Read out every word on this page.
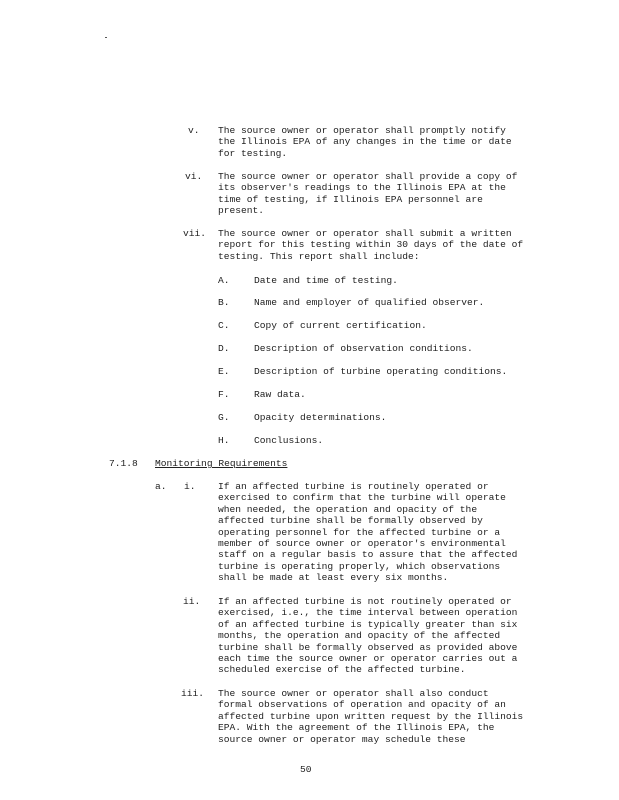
v. The source owner or operator shall promptly notify
the Illinois EPA of any changes in the time or date
for testing.
vi. The source owner or operator shall provide a copy of
its observer's readings to the Illinois EPA at the
time of testing, if Illinois EPA personnel are
present.
vii. The source owner or operator shall submit a written
report for this testing within 30 days of the date of
testing. This report shall include:
A.	Date and time of testing.
B.	Name and employer of qualified observer.
C.	Copy of current certification.
D.	Description of observation conditions.
E.	Description of turbine operating conditions.
F.	Raw data.
G.	Opacity determinations.
H.	Conclusions.
7.1.8 Monitoring Requirements
a. i. If an affected turbine is routinely operated or
exercised to confirm that the turbine will operate
when needed, the operation and opacity of the
affected turbine shall be formally observed by
operating personnel for the affected turbine or a
member of source owner or operator's environmental
staff on a regular basis to assure that the affected
turbine is operating properly, which observations
shall be made at least every six months.
ii. If an affected turbine is not routinely operated or
exercised, i.e., the time interval between operation
of an affected turbine is typically greater than six
months, the operation and opacity of the affected
turbine shall be formally observed as provided above
each time the source owner or operator carries out a
scheduled exercise of the affected turbine.
iii. The source owner or operator shall also conduct
formal observations of operation and opacity of an
affected turbine upon written request by the Illinois
EPA. With the agreement of the Illinois EPA, the
source owner or operator may schedule these
50
